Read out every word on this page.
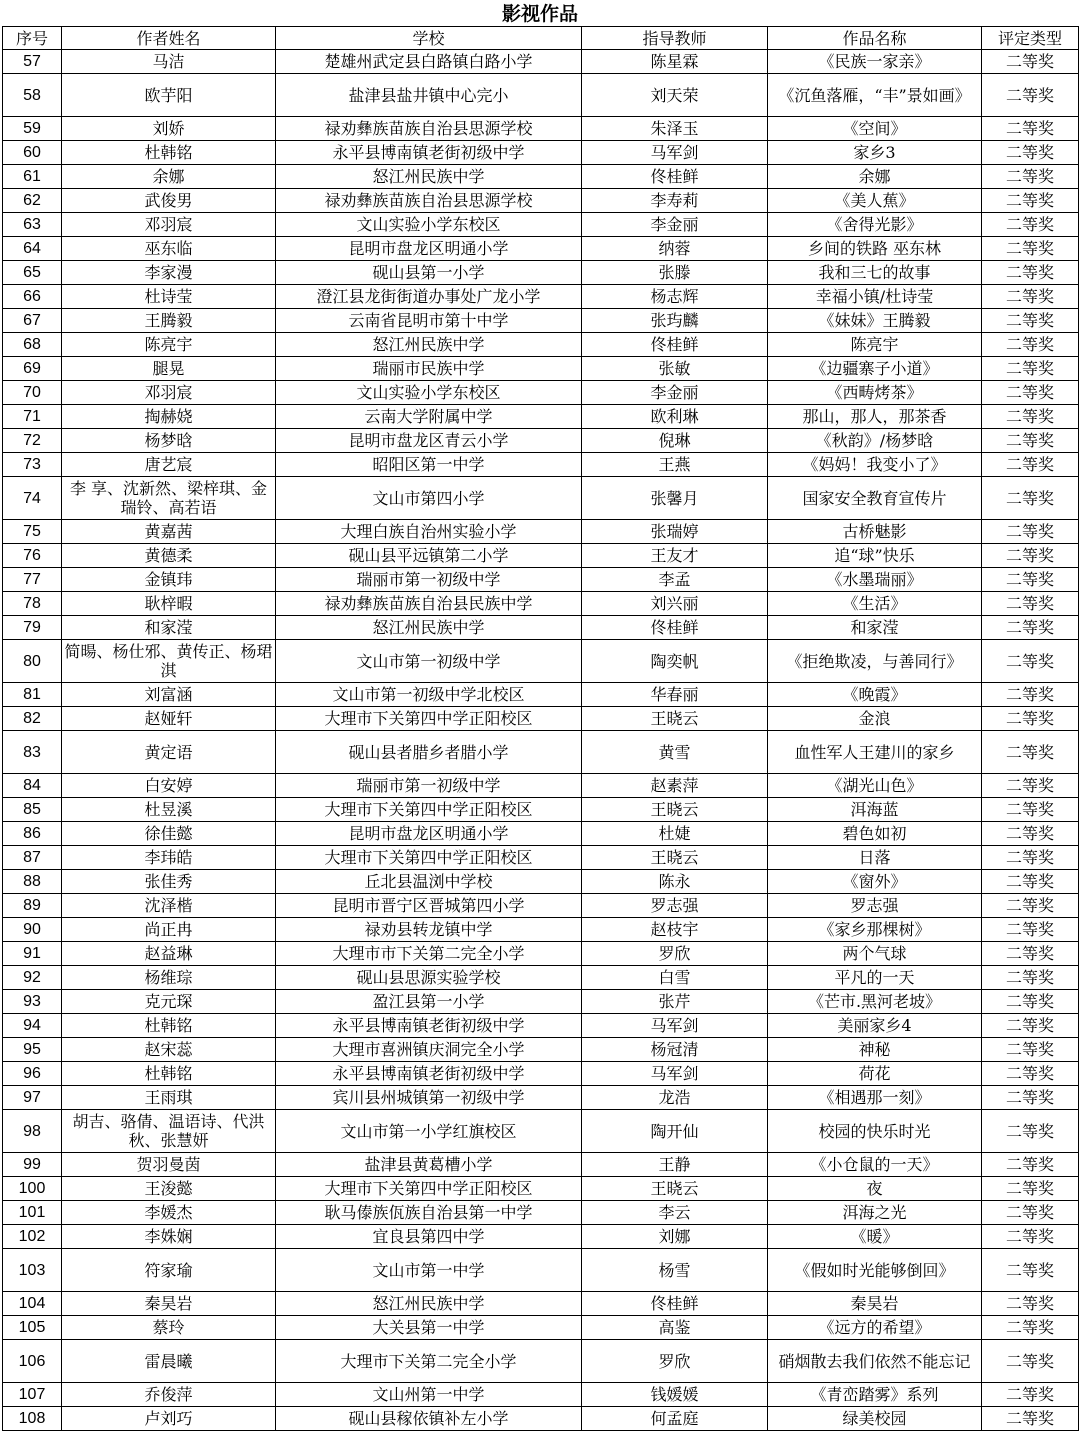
影视作品
序号	作者姓名	学校	指导教师	作品名称	评定类型
57	马洁	楚雄州武定县白路镇白路小学	陈星霖	《民族一家亲》	二等奖
58	欧芋阳	盐津县盐井镇中心完小	刘天荣	《沉鱼落雁，“丰”景如画》	二等奖
59	刘娇	禄劝彝族苗族自治县思源学校	朱泽玉	《空间》	二等奖
60	杜韩铭	永平县博南镇老街初级中学	马军剑	家乡3	二等奖
61	余娜	怒江州民族中学	佟桂鲜	余娜	二等奖
62	武俊男	禄劝彝族苗族自治县思源学校	李寿莉	《美人蕉》	二等奖
63	邓羽宸	文山实验小学东校区	李金丽	《舍得光影》	二等奖
64	巫东临	昆明市盘龙区明通小学	纳蓉	乡间的铁路 巫东林	二等奖
65	李家漫	砚山县第一小学	张滕	我和三七的故事	二等奖
66	杜诗莹	澄江县龙街街道办事处广龙小学	杨志辉	幸福小镇/杜诗莹	二等奖
67	王腾毅	云南省昆明市第十中学	张玙麟	《妹妹》王腾毅	二等奖
68	陈亮宇	怒江州民族中学	佟桂鲜	陈亮宇	二等奖
69	腿晃	瑞丽市民族中学	张敏	《边疆寨子小道》	二等奖
70	邓羽宸	文山实验小学东校区	李金丽	《西畴烤茶》	二等奖
71	掏赫娆	云南大学附属中学	欧利琳	那山，那人，那茶香	二等奖
72	杨梦晗	昆明市盘龙区青云小学	倪琳	《秋韵》/杨梦晗	二等奖
73	唐艺宸	昭阳区第一中学	王燕	《妈妈！我变小了》	二等奖
74	李 享、沈新然、梁梓琪、金瑞铃、高若语	文山市第四小学	张馨月	国家安全教育宣传片	二等奖
75	黄嘉茜	大理白族自治州实验小学	张瑞婷	古桥魅影	二等奖
76	黄德柔	砚山县平远镇第二小学	王友才	追“球”快乐	二等奖
77	金镇玮	瑞丽市第一初级中学	李孟	《水墨瑞丽》	二等奖
78	耿梓暇	禄劝彝族苗族自治县民族中学	刘兴丽	《生活》	二等奖
79	和家滢	怒江州民族中学	佟桂鲜	和家滢	二等奖
80	简暘、杨仕邪、黄传正、杨珺淇	文山市第一初级中学	陶奕帆	《拒绝欺凌，与善同行》	二等奖
81	刘富涵	文山市第一初级中学北校区	华春丽	《晚霞》	二等奖
82	赵娅轩	大理市下关第四中学正阳校区	王晓云	金浪	二等奖
83	黄定语	砚山县者腊乡者腊小学	黄雪	血性军人王建川的家乡	二等奖
84	白安婷	瑞丽市第一初级中学	赵素萍	《湖光山色》	二等奖
85	杜昱溪	大理市下关第四中学正阳校区	王晓云	洱海蓝	二等奖
86	徐佳懿	昆明市盘龙区明通小学	杜婕	碧色如初	二等奖
87	李玮皓	大理市下关第四中学正阳校区	王晓云	日落	二等奖
88	张佳秀	丘北县温浏中学校	陈永	《窗外》	二等奖
89	沈泽楷	昆明市晋宁区晋城第四小学	罗志强	罗志强	二等奖
90	尚正冉	禄劝县转龙镇中学	赵枝宇	《家乡那棵树》	二等奖
91	赵益琳	大理市市下关第二完全小学	罗欣	两个气球	二等奖
92	杨维琮	砚山县思源实验学校	白雪	平凡的一天	二等奖
93	克元琛	盈江县第一小学	张芹	《芒市.黑河老坡》	二等奖
94	杜韩铭	永平县博南镇老街初级中学	马军剑	美丽家乡4	二等奖
95	赵宋蕊	大理市喜洲镇庆洞完全小学	杨冠清	神秘	二等奖
96	杜韩铭	永平县博南镇老街初级中学	马军剑	荷花	二等奖
97	王雨琪	宾川县州城镇第一初级中学	龙浩	《相遇那一刻》	二等奖
98	胡吉、骆倩、温语诗、代洪秋、张慧妍	文山市第一小学红旗校区	陶开仙	校园的快乐时光	二等奖
99	贺羽曼茵	盐津县黄葛槽小学	王静	《小仓鼠的一天》	二等奖
100	王浚懿	大理市下关第四中学正阳校区	王晓云	夜	二等奖
101	李媛杰	耿马傣族佤族自治县第一中学	李云	洱海之光	二等奖
102	李姝娴	宜良县第四中学	刘娜	《暖》	二等奖
103	符家瑜	文山市第一中学	杨雪	《假如时光能够倒回》	二等奖
104	秦昊岩	怒江州民族中学	佟桂鲜	秦昊岩	二等奖
105	蔡玲	大关县第一中学	高鉴	《远方的希望》	二等奖
106	雷晨曦	大理市下关第二完全小学	罗欣	硝烟散去我们依然不能忘记	二等奖
107	乔俊萍	文山州第一中学	钱媛媛	《青峦踏雾》系列	二等奖
108	卢刘巧	砚山县稼依镇补左小学	何孟庭	绿美校园	二等奖
